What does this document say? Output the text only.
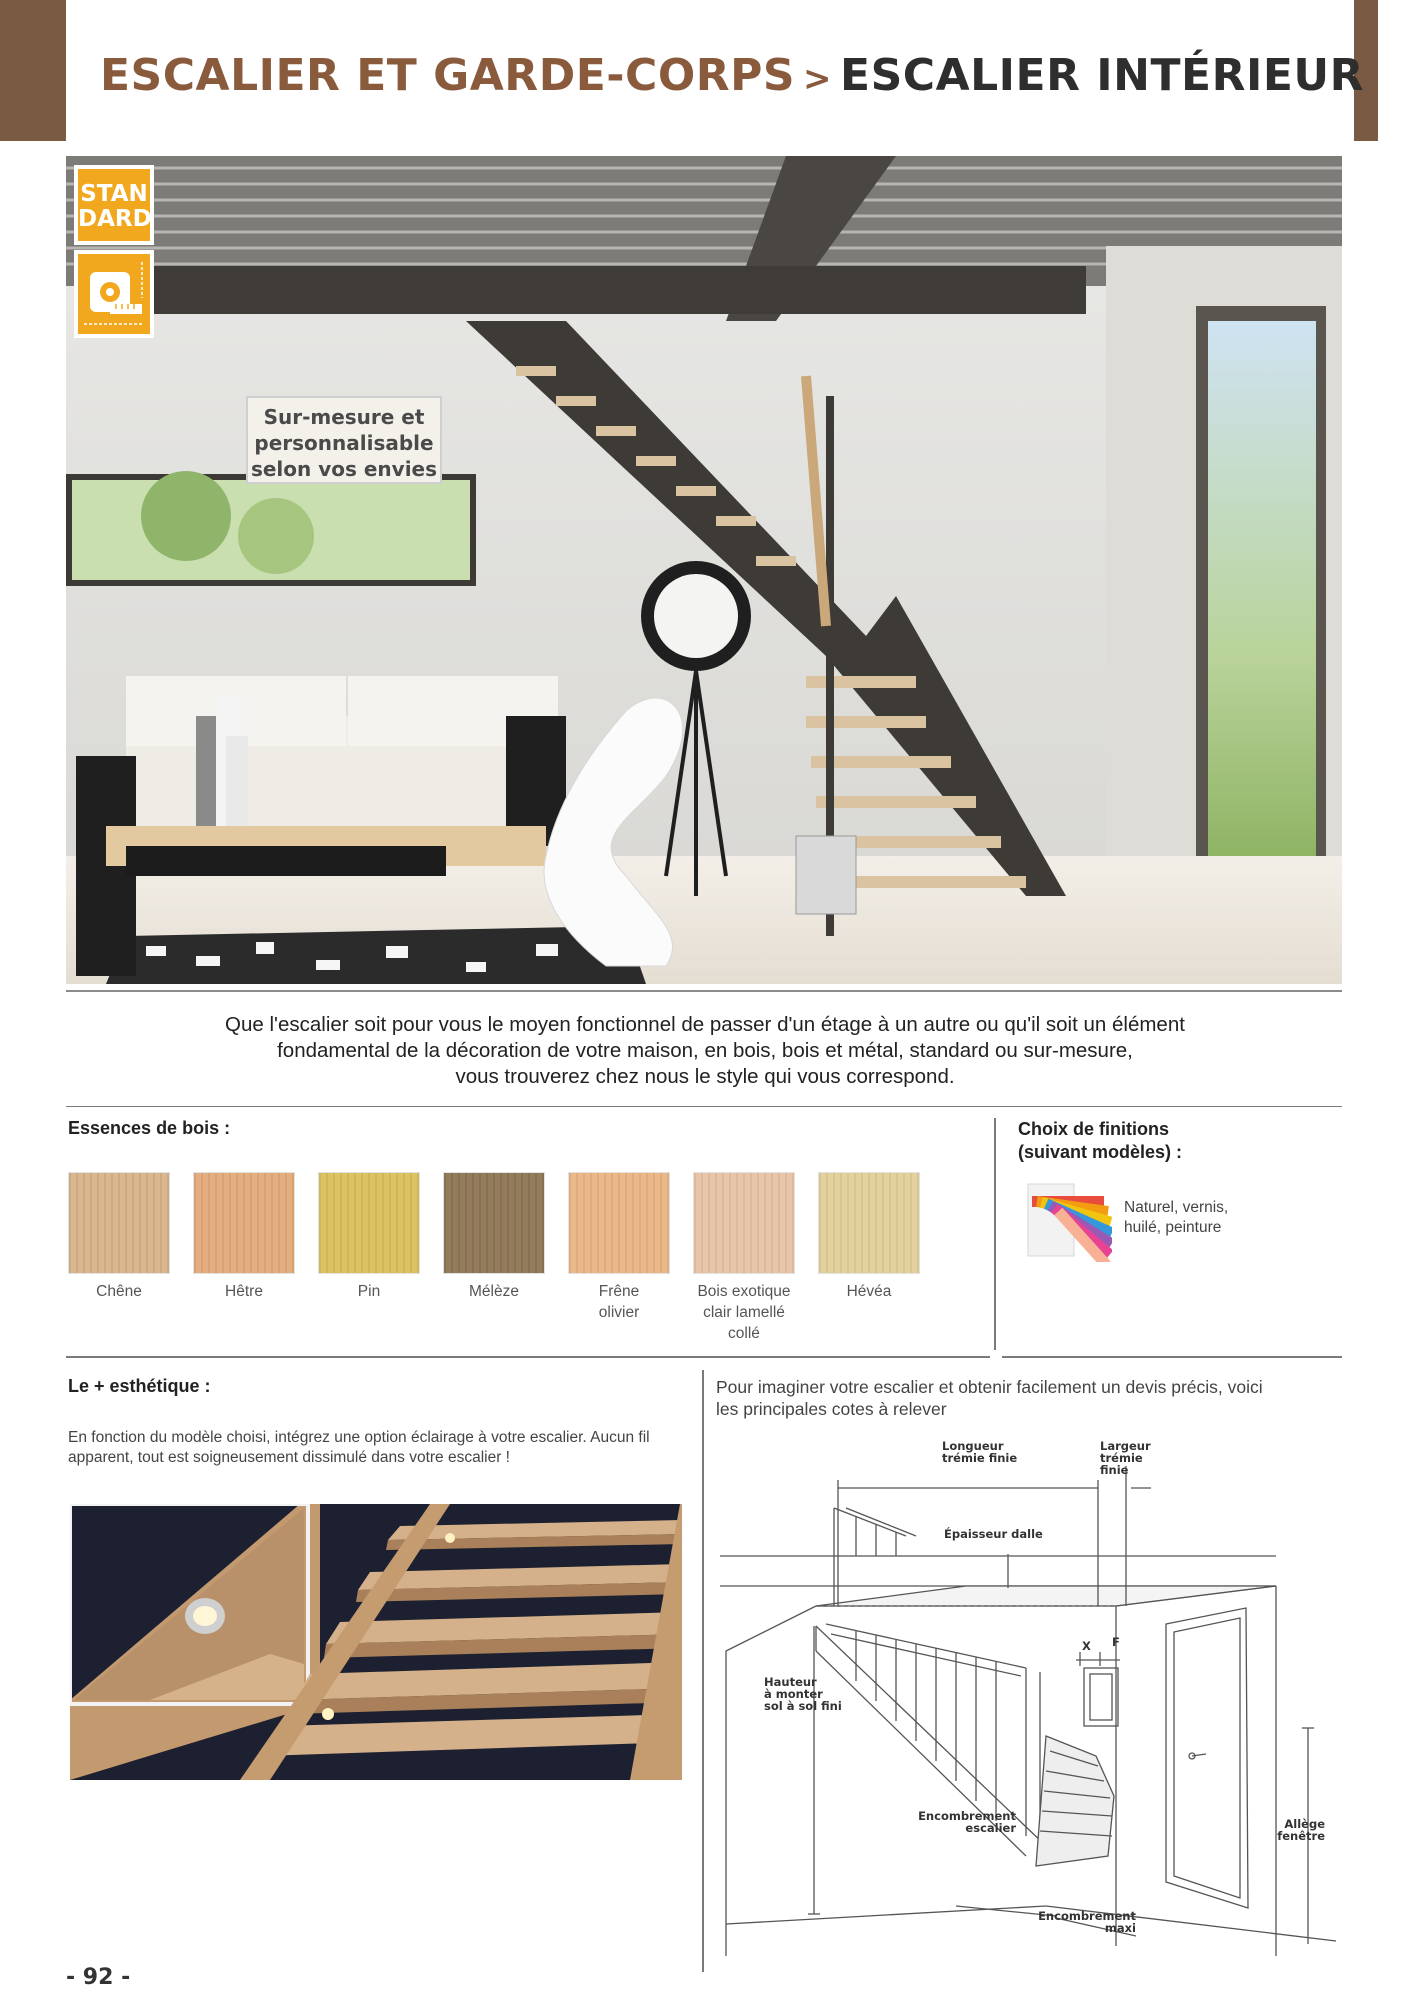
ESCALIER ET GARDE-CORPS > ESCALIER INTÉRIEUR
STAN
DARD
Sur-mesure et
personnalisable
selon vos envies
Que l'escalier soit pour vous le moyen fonctionnel de passer d'un étage à un autre ou qu'il soit un élément
fondamental de la décoration de votre maison, en bois, bois et métal, standard ou sur-mesure,
vous trouverez chez nous le style qui vous correspond.
Essences de bois :
Chêne	Hêtre	Pin	Mélèze	Frêne
olivier
Bois exotique
clair lamellé
collé
Hévéa
Choix de finitions
(suivant modèles) :
Naturel, vernis,
huilé, peinture
Le + esthétique :
En fonction du modèle choisi, intégrez une option éclairage à votre escalier. Aucun fil
apparent, tout est soigneusement dissimulé dans votre escalier !
Pour imaginer votre escalier et obtenir facilement un devis précis, voici
les principales cotes à relever
Longueur
trémie finie
Largeur
trémie
finie
Épaisseur dalle
Hauteur
à monter
sol à sol fini
Encombrement
escalier
Encombrement
maxi
Allège
fenêtre
X F
- 92 -
